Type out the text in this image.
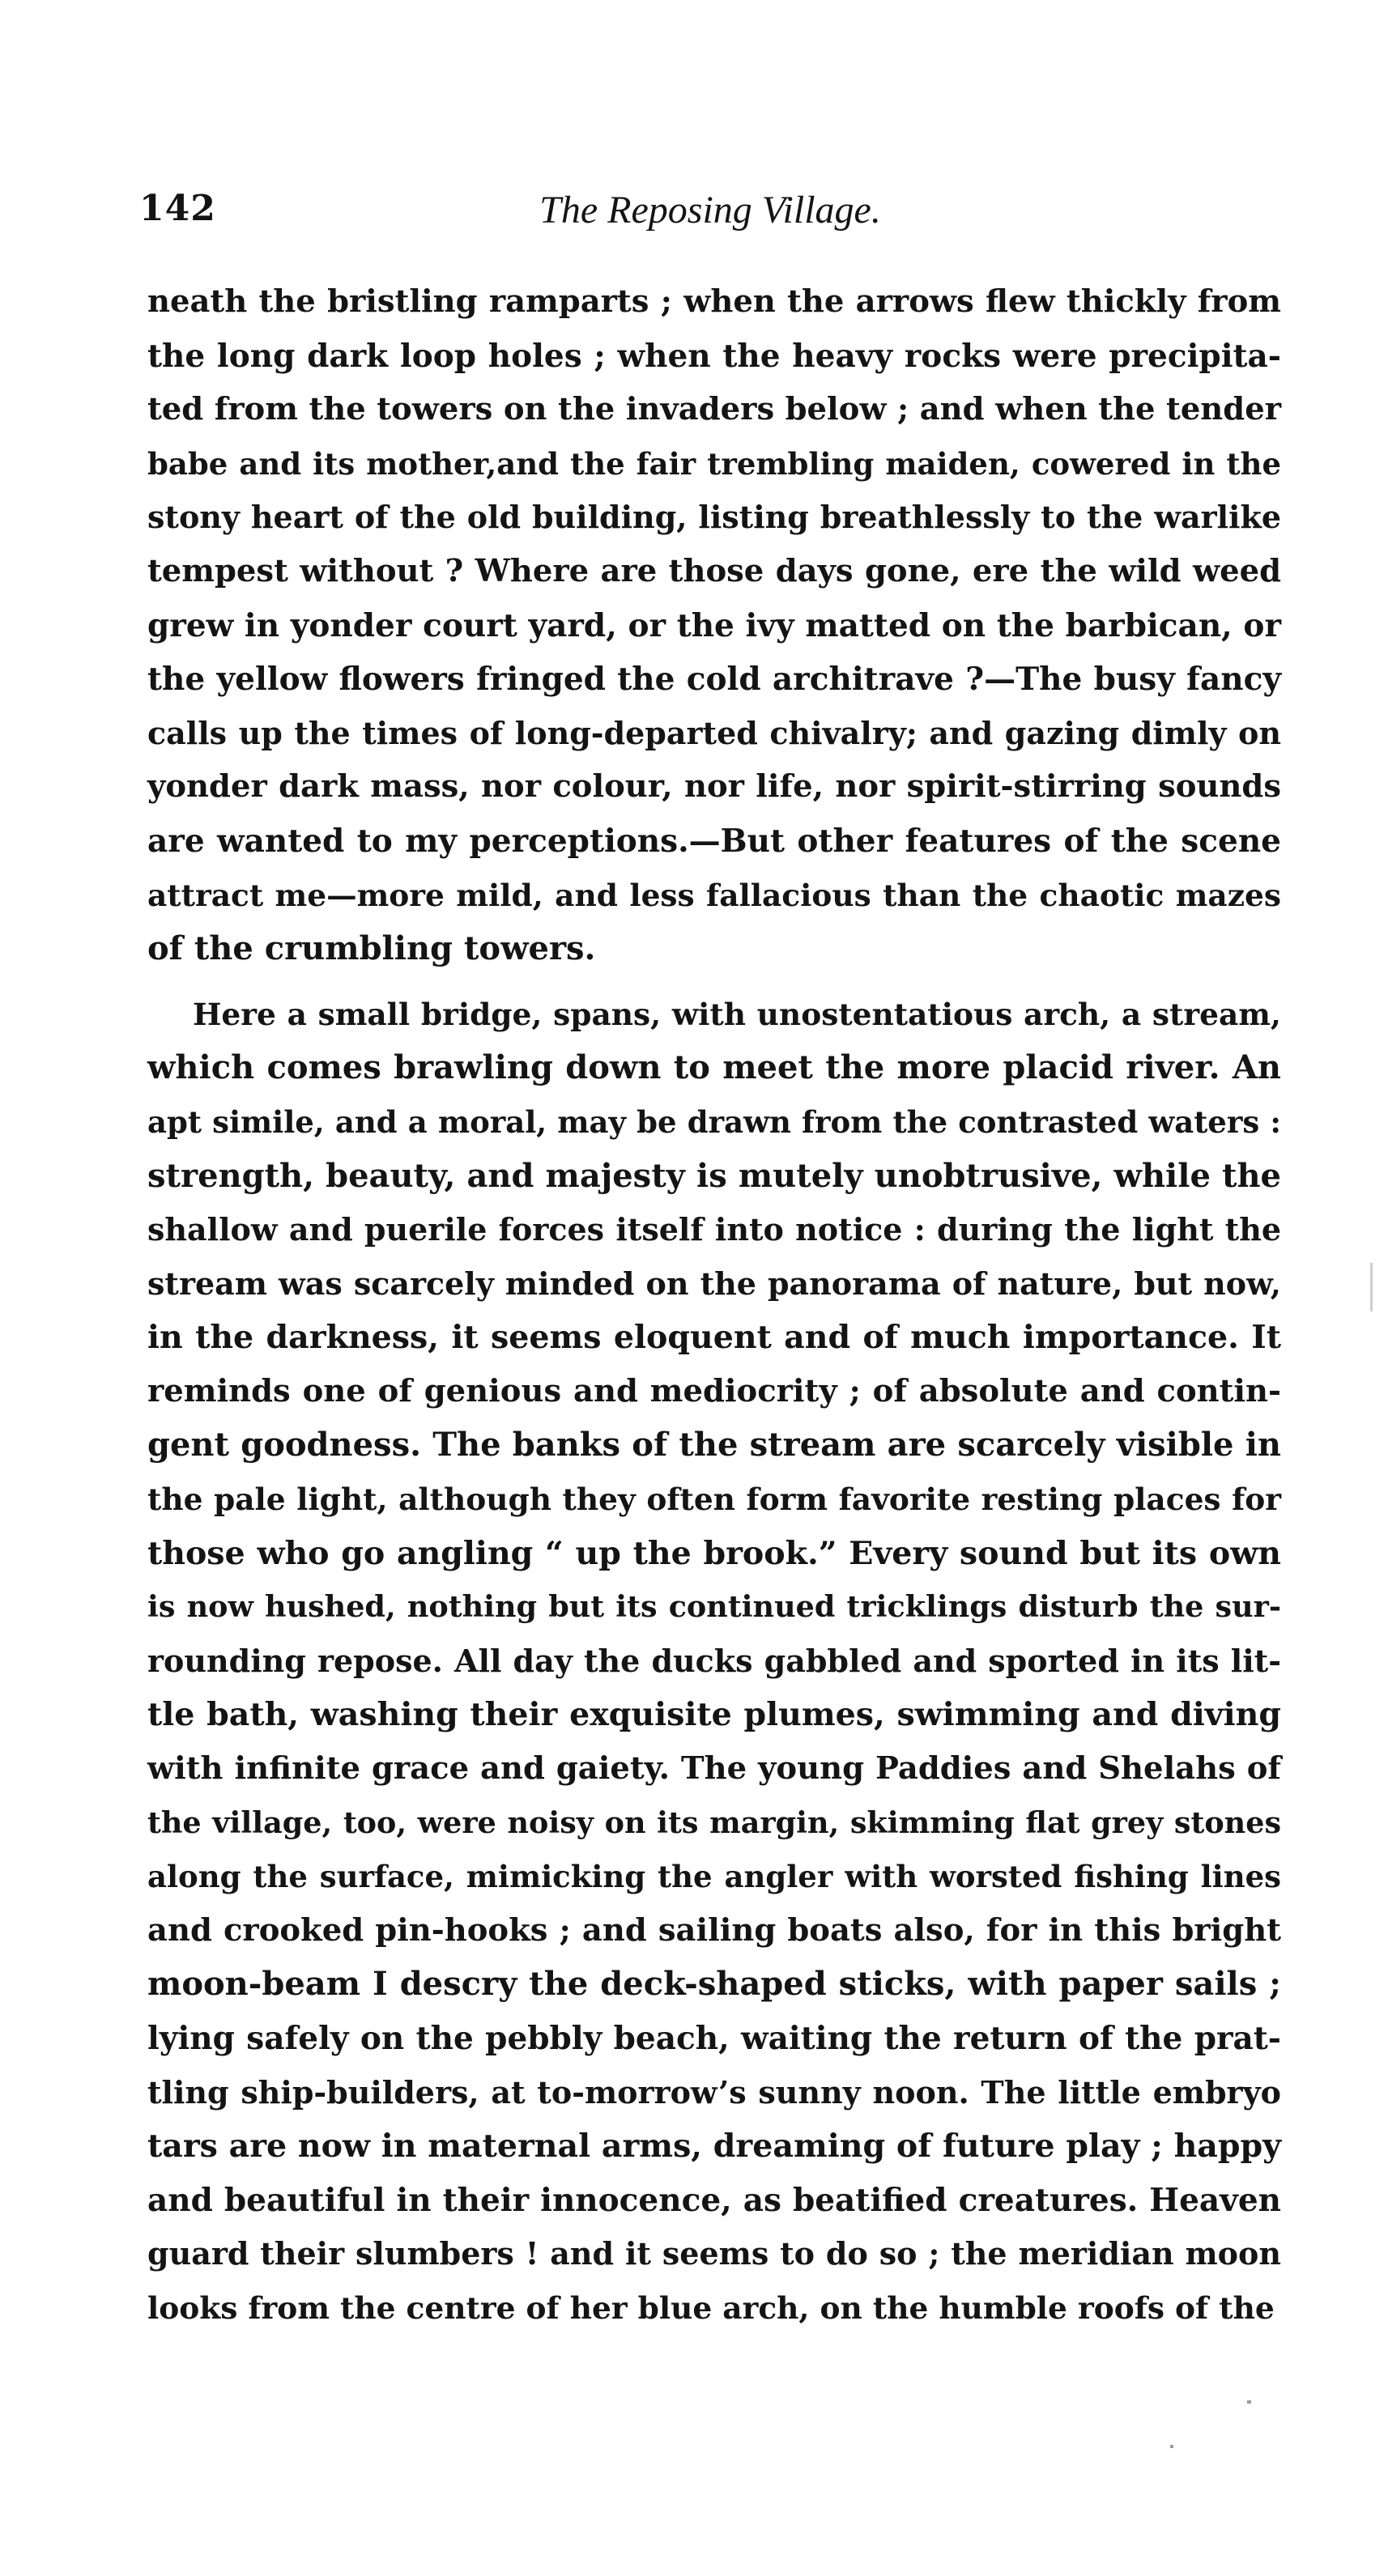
142	The Reposing Village.
neath the bristling ramparts ; when the arrows flew thickly from
the long dark loop holes ; when the heavy rocks were precipita-
ted from the towers on the invaders below ; and when the tender
babe and its mother,and the fair trembling maiden, cowered in the
stony heart of the old building, listing breathlessly to the warlike
tempest without ? Where are those days gone, ere the wild weed
grew in yonder court yard, or the ivy matted on the barbican, or
the yellow flowers fringed the cold architrave ?—The busy fancy
calls up the times of long-departed chivalry; and gazing dimly on
yonder dark mass, nor colour, nor life, nor spirit-stirring sounds
are wanted to my perceptions.—But other features of the scene
attract me—more mild, and less fallacious than the chaotic mazes
of the crumbling towers.
Here a small bridge, spans, with unostentatious arch, a stream,
which comes brawling down to meet the more placid river. An
apt simile, and a moral, may be drawn from the contrasted waters :
strength, beauty, and majesty is mutely unobtrusive, while the
shallow and puerile forces itself into notice : during the light the
stream was scarcely minded on the panorama of nature, but now,
in the darkness, it seems eloquent and of much importance. It
reminds one of genious and mediocrity ; of absolute and contin-
gent goodness. The banks of the stream are scarcely visible in
the pale light, although they often form favorite resting places for
those who go angling “ up the brook.” Every sound but its own
is now hushed, nothing but its continued tricklings disturb the sur-
rounding repose. All day the ducks gabbled and sported in its lit-
tle bath, washing their exquisite plumes, swimming and diving
with infinite grace and gaiety. The young Paddies and Shelahs of
the village, too, were noisy on its margin, skimming flat grey stones
along the surface, mimicking the angler with worsted fishing lines
and crooked pin-hooks ; and sailing boats also, for in this bright
moon-beam I descry the deck-shaped sticks, with paper sails ;
lying safely on the pebbly beach, waiting the return of the prat-
tling ship-builders, at to-morrow’s sunny noon. The little embryo
tars are now in maternal arms, dreaming of future play ; happy
and beautiful in their innocence, as beatified creatures. Heaven
guard their slumbers ! and it seems to do so ; the meridian moon
looks from the centre of her blue arch, on the humble roofs of the
